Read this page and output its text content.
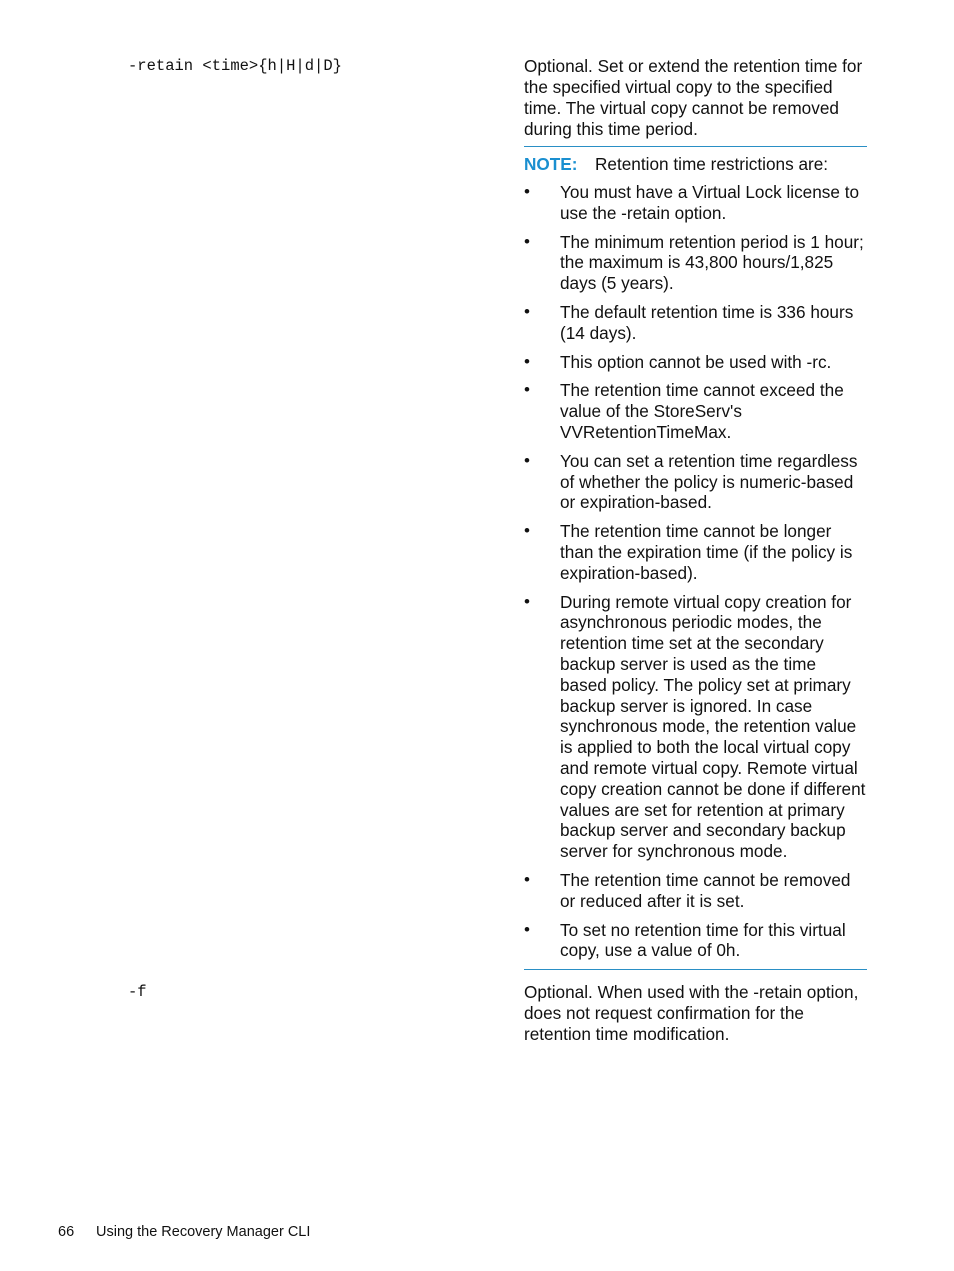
-retain <time>{h|H|d|D}	Optional. Set or extend the retention time for the specified virtual copy to the specified time. The virtual copy cannot be removed during this time period.
NOTE: Retention time restrictions are:
• You must have a Virtual Lock license to use the -retain option.
• The minimum retention period is 1 hour; the maximum is 43,800 hours/1,825 days (5 years).
• The default retention time is 336 hours (14 days).
• This option cannot be used with -rc.
• The retention time cannot exceed the value of the StoreServ's VVRetentionTimeMax.
• You can set a retention time regardless of whether the policy is numeric-based or expiration-based.
• The retention time cannot be longer than the expiration time (if the policy is expiration-based).
• During remote virtual copy creation for asynchronous periodic modes, the retention time set at the secondary backup server is used as the time based policy. The policy set at primary backup server is ignored. In case synchronous mode, the retention value is applied to both the local virtual copy and remote virtual copy. Remote virtual copy creation cannot be done if different values are set for retention at primary backup server and secondary backup server for synchronous mode.
• The retention time cannot be removed or reduced after it is set.
• To set no retention time for this virtual copy, use a value of 0h.
-f	Optional. When used with the -retain option, does not request confirmation for the retention time modification.
66 Using the Recovery Manager CLI
